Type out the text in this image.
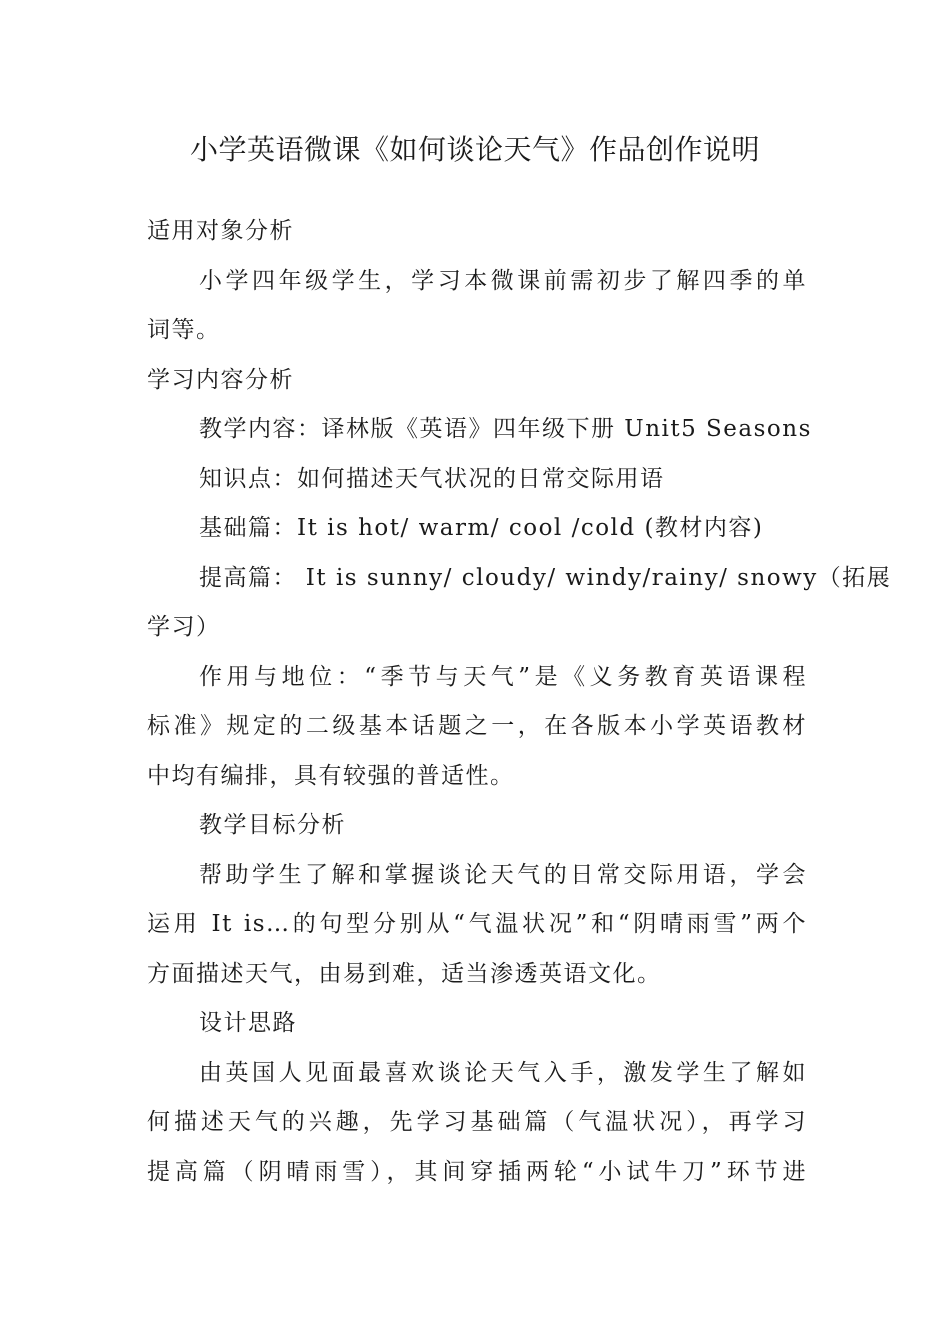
小学英语微课《如何谈论天气》作品创作说明
适用对象分析
小学四年级学生，学习本微课前需初步了解四季的单
词等。
学习内容分析
教学内容：译林版《英语》四年级下册 Unit5 Seasons
知识点：如何描述天气状况的日常交际用语
基础篇：It is hot/ warm/ cool /cold (教材内容)
提高篇： It is sunny/ cloudy/ windy/rainy/ snowy（拓展
学习）
作用与地位：“季节与天气”是《义务教育英语课程
标准》规定的二级基本话题之一，在各版本小学英语教材
中均有编排，具有较强的普适性。
教学目标分析
帮助学生了解和掌握谈论天气的日常交际用语，学会
运用 It is…的句型分别从“气温状况”和“阴晴雨雪”两个
方面描述天气，由易到难，适当渗透英语文化。
设计思路
由英国人见面最喜欢谈论天气入手，激发学生了解如
何描述天气的兴趣，先学习基础篇（气温状况），再学习
提高篇（阴晴雨雪），其间穿插两轮“小试牛刀”环节进
